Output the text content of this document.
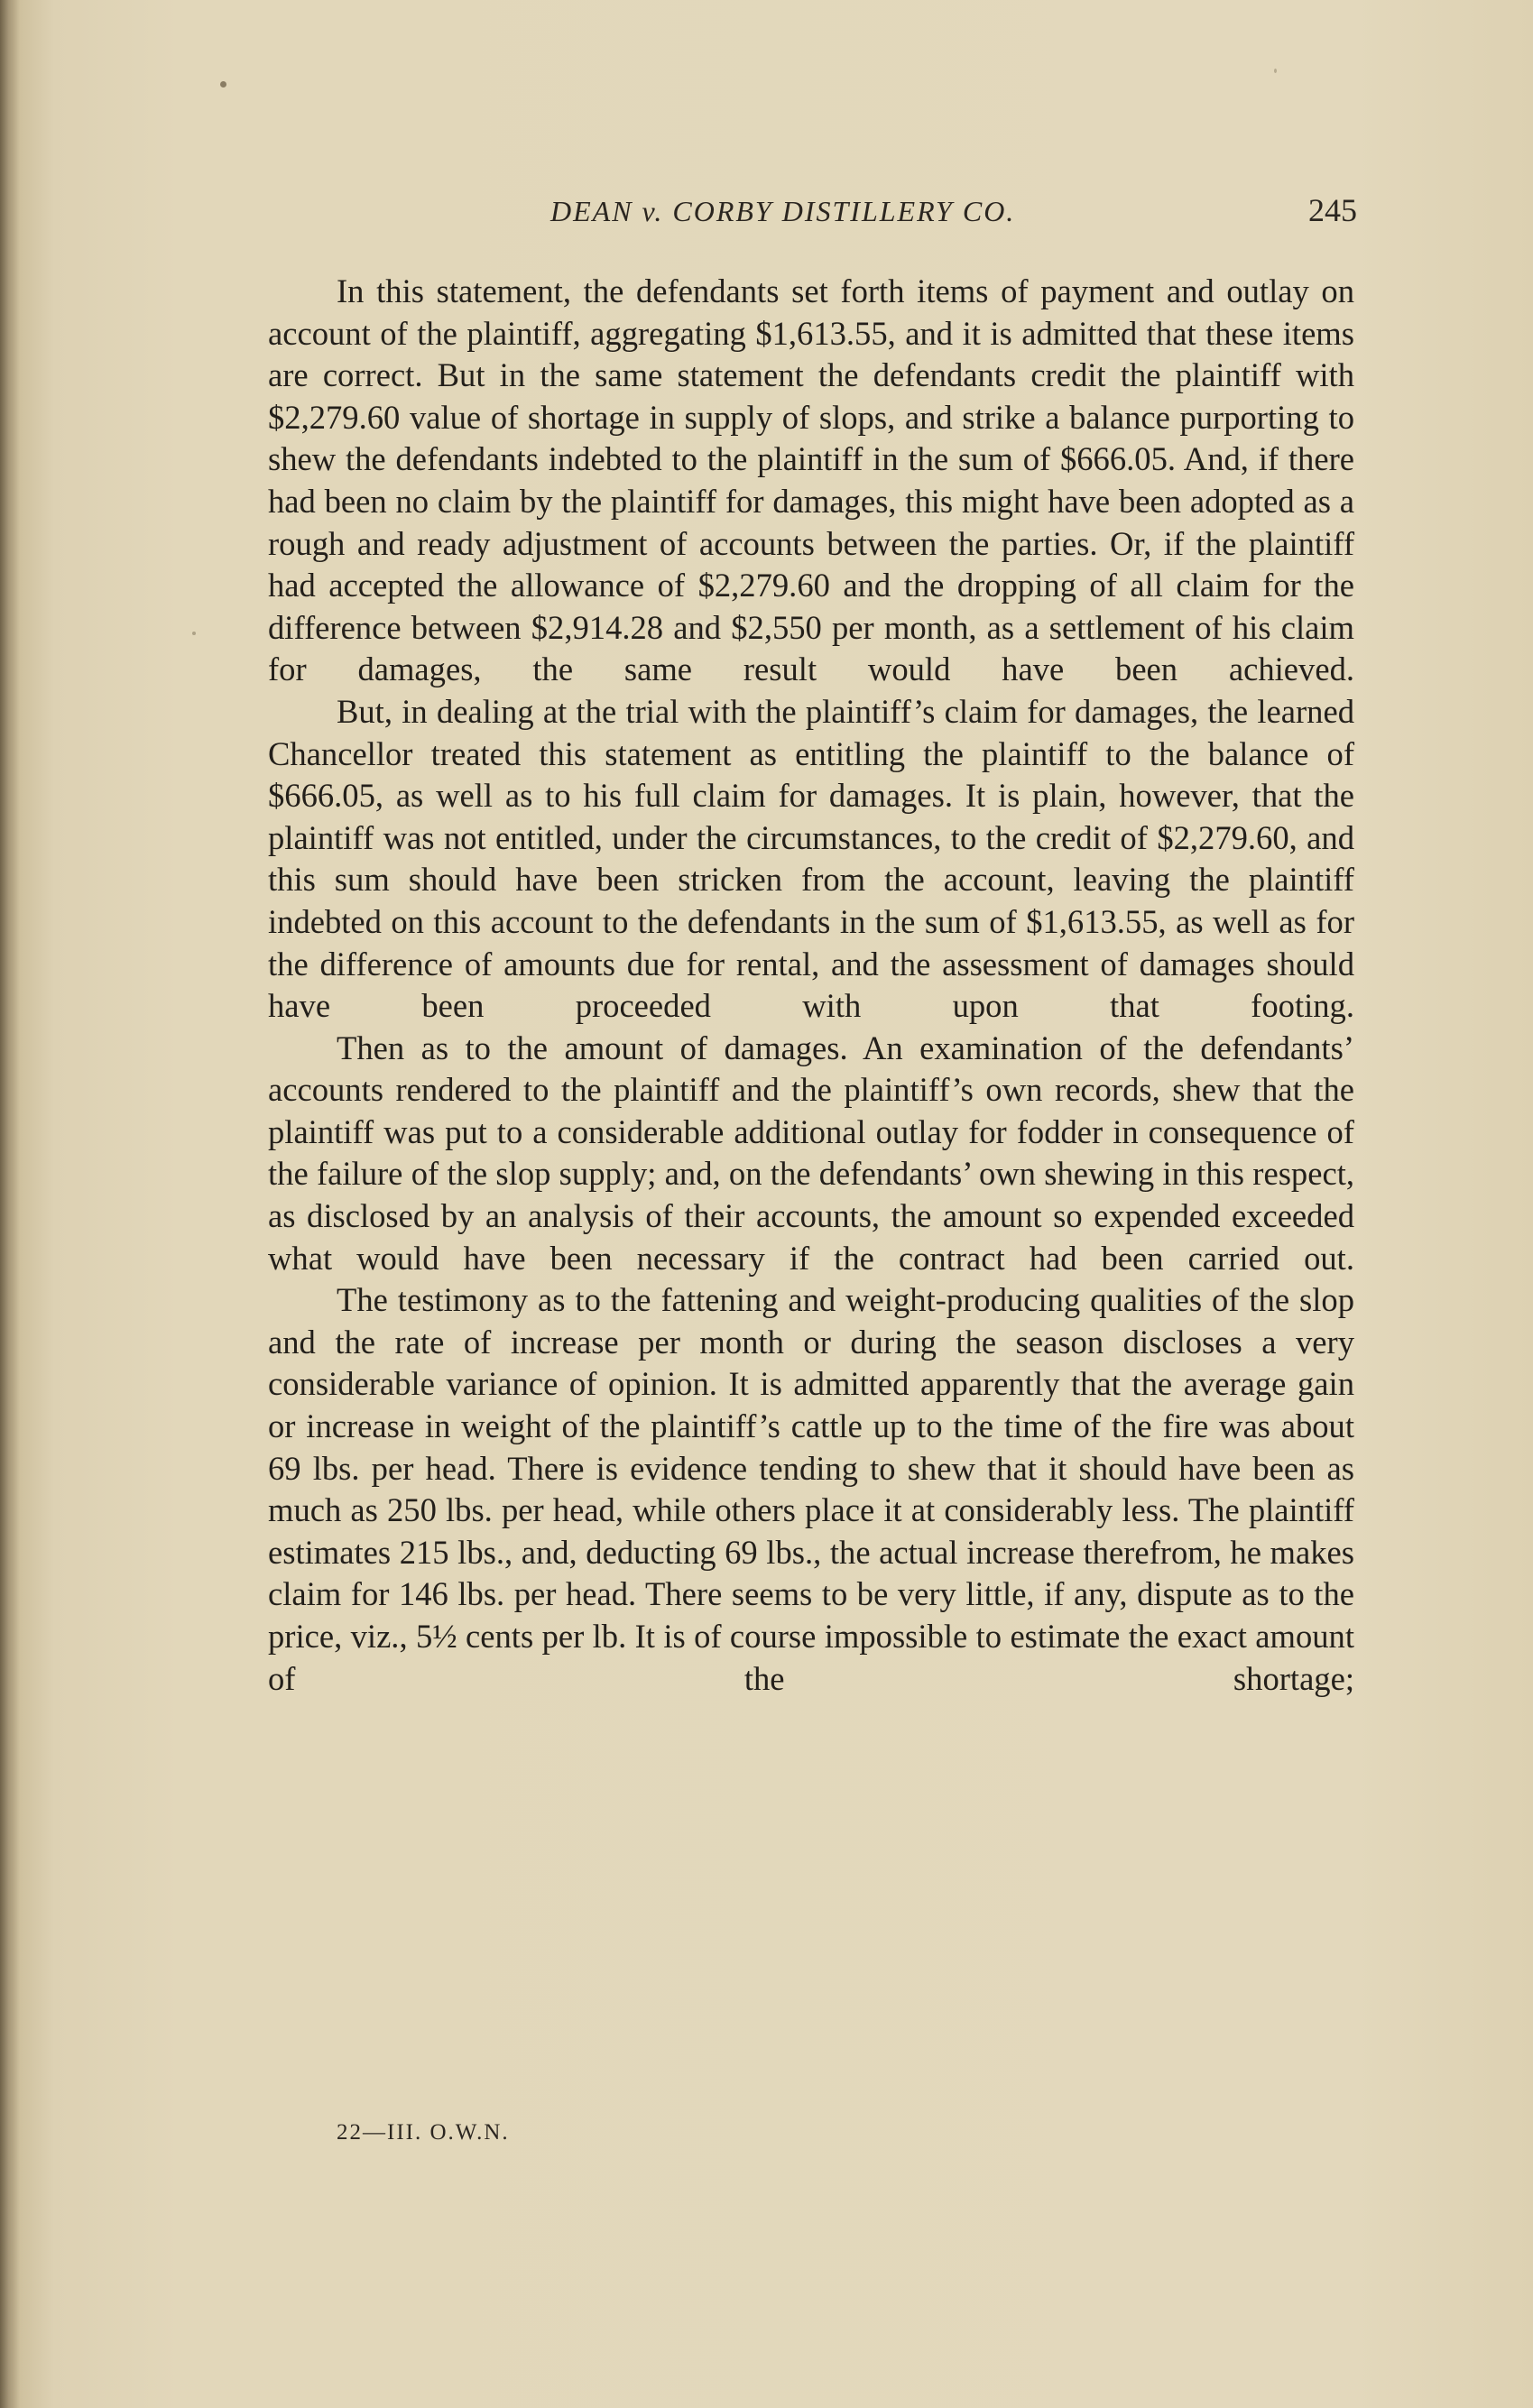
DEAN v. CORBY DISTILLERY CO.	245

In this statement, the defendants set forth items of payment and outlay on account of the plaintiff, aggregating $1,613.55, and it is admitted that these items are correct. But in the same statement the defendants credit the plaintiff with $2,279.60 value of shortage in supply of slops, and strike a balance purporting to shew the defendants indebted to the plaintiff in the sum of $666.05. And, if there had been no claim by the plaintiff for damages, this might have been adopted as a rough and ready adjustment of accounts between the parties. Or, if the plaintiff had accepted the allowance of $2,279.60 and the dropping of all claim for the difference between $2,914.28 and $2,550 per month, as a settlement of his claim for damages, the same result would have been achieved.

But, in dealing at the trial with the plaintiff’s claim for damages, the learned Chancellor treated this statement as entitling the plaintiff to the balance of $666.05, as well as to his full claim for damages. It is plain, however, that the plaintiff was not entitled, under the circumstances, to the credit of $2,279.60, and this sum should have been stricken from the account, leaving the plaintiff indebted on this account to the defendants in the sum of $1,613.55, as well as for the difference of amounts due for rental, and the assessment of damages should have been proceeded with upon that footing.

Then as to the amount of damages. An examination of the defendants’ accounts rendered to the plaintiff and the plaintiff’s own records, shew that the plaintiff was put to a considerable additional outlay for fodder in consequence of the failure of the slop supply; and, on the defendants’ own shewing in this respect, as disclosed by an analysis of their accounts, the amount so expended exceeded what would have been necessary if the contract had been carried out.

The testimony as to the fattening and weight-producing qualities of the slop and the rate of increase per month or during the season discloses a very considerable variance of opinion. It is admitted apparently that the average gain or increase in weight of the plaintiff’s cattle up to the time of the fire was about 69 lbs. per head. There is evidence tending to shew that it should have been as much as 250 lbs. per head, while others place it at considerably less. The plaintiff estimates 215 lbs., and, deducting 69 lbs., the actual increase therefrom, he makes claim for 146 lbs. per head. There seems to be very little, if any, dispute as to the price, viz., 5½ cents per lb. It is of course impossible to estimate the exact amount of the shortage;

22—III. O.W.N.
